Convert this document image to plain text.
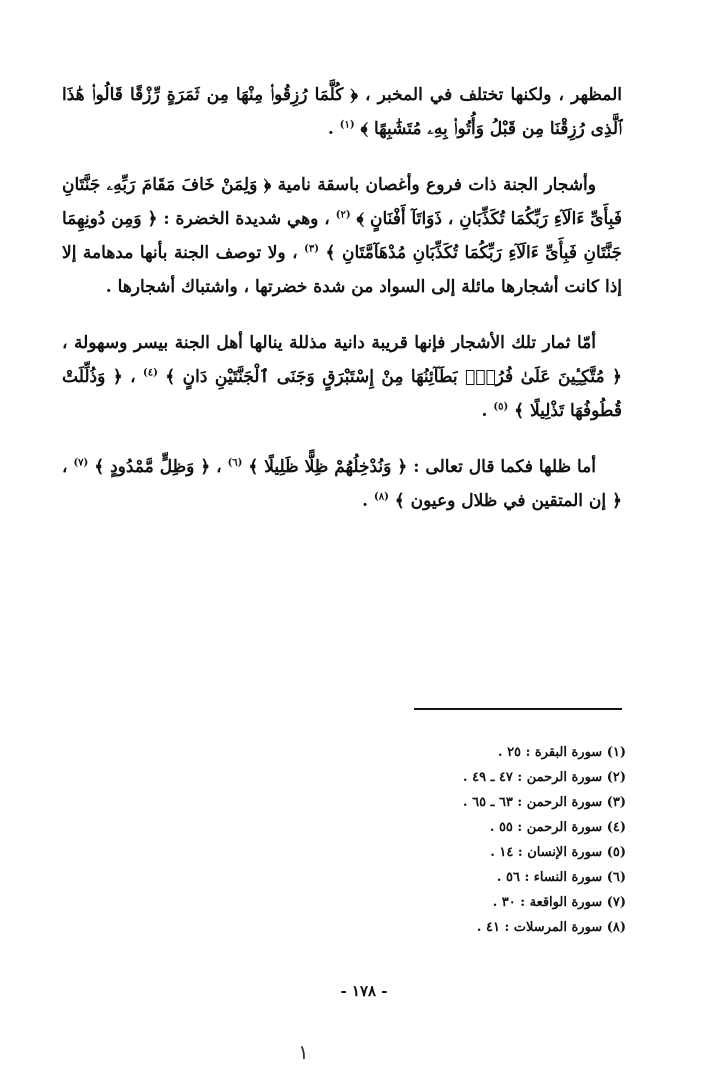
المظهر ، ولكنها تختلف في المخبر ، ﴿ كُلَّمَا رُزِقُوا۟ مِنْهَا مِن ثَمَرَةٍ رِّزْقًا قَالُوا۟ هَٰذَا ٱلَّذِى رُزِقْنَا مِن قَبْلُ وَأُتُوا۟ بِهِۦ مُتَشَٰبِهًا ﴾ $^{(١)}$ .

وأشجار الجنة ذات فروع وأغصان باسقة نامية ﴿ وَلِمَنْ خَافَ مَقَامَ رَبِّهِۦ جَنَّتَانِ فَبِأَىِّ ءَالَآءِ رَبِّكُمَا تُكَذِّبَانِ ، ذَوَاتَآ أَفْنَانٍ ﴾ $^{(٢)}$ ، وهي شديدة الخضرة : ﴿ وَمِن دُونِهِمَا جَنَّتَانِ فَبِأَىِّ ءَالَآءِ رَبِّكُمَا تُكَذِّبَانِ مُدْهَآمَّتَانِ ﴾ $^{(٣)}$ ، ولا توصف الجنة بأنها مدهامة إلا إذا كانت أشجارها مائلة إلى السواد من شدة خضرتها ، واشتباك أشجارها .

أمّا ثمار تلك الأشجار فإنها قريبة دانية مذللة ينالها أهل الجنة بيسر وسهولة ، ﴿ مُتَّكِـِٔينَ عَلَىٰ فُرُشٍۭ بَطَآئِنُهَا مِنْ إِسْتَبْرَقٍ وَجَنَى ٱلْجَنَّتَيْنِ دَانٍ ﴾ $^{(٤)}$ ، ﴿ وَذُلِّلَتْ قُطُوفُهَا تَذْلِيلًا ﴾ $^{(٥)}$ .

أما ظلها فكما قال تعالى : ﴿ وَنُدْخِلُهُمْ ظِلًّا ظَلِيلًا ﴾ $^{(٦)}$ ، ﴿ وَظِلٍّ مَّمْدُودٍ ﴾ $^{(٧)}$ ، ﴿ إن المتقين في ظلال وعيون ﴾ $^{(٨)}$ .

(١) سورة البقرة : ٢٥ .
(٢) سورة الرحمن : ٤٧ ـ ٤٩ .
(٣) سورة الرحمن : ٦٣ ـ ٦٥ .
(٤) سورة الرحمن : ٥٥ .
(٥) سورة الإنسان : ١٤ .
(٦) سورة النساء : ٥٦ .
(٧) سورة الواقعة : ٣٠ .
(٨) سورة المرسلات : ٤١ .
- ١٧٨ -
١
